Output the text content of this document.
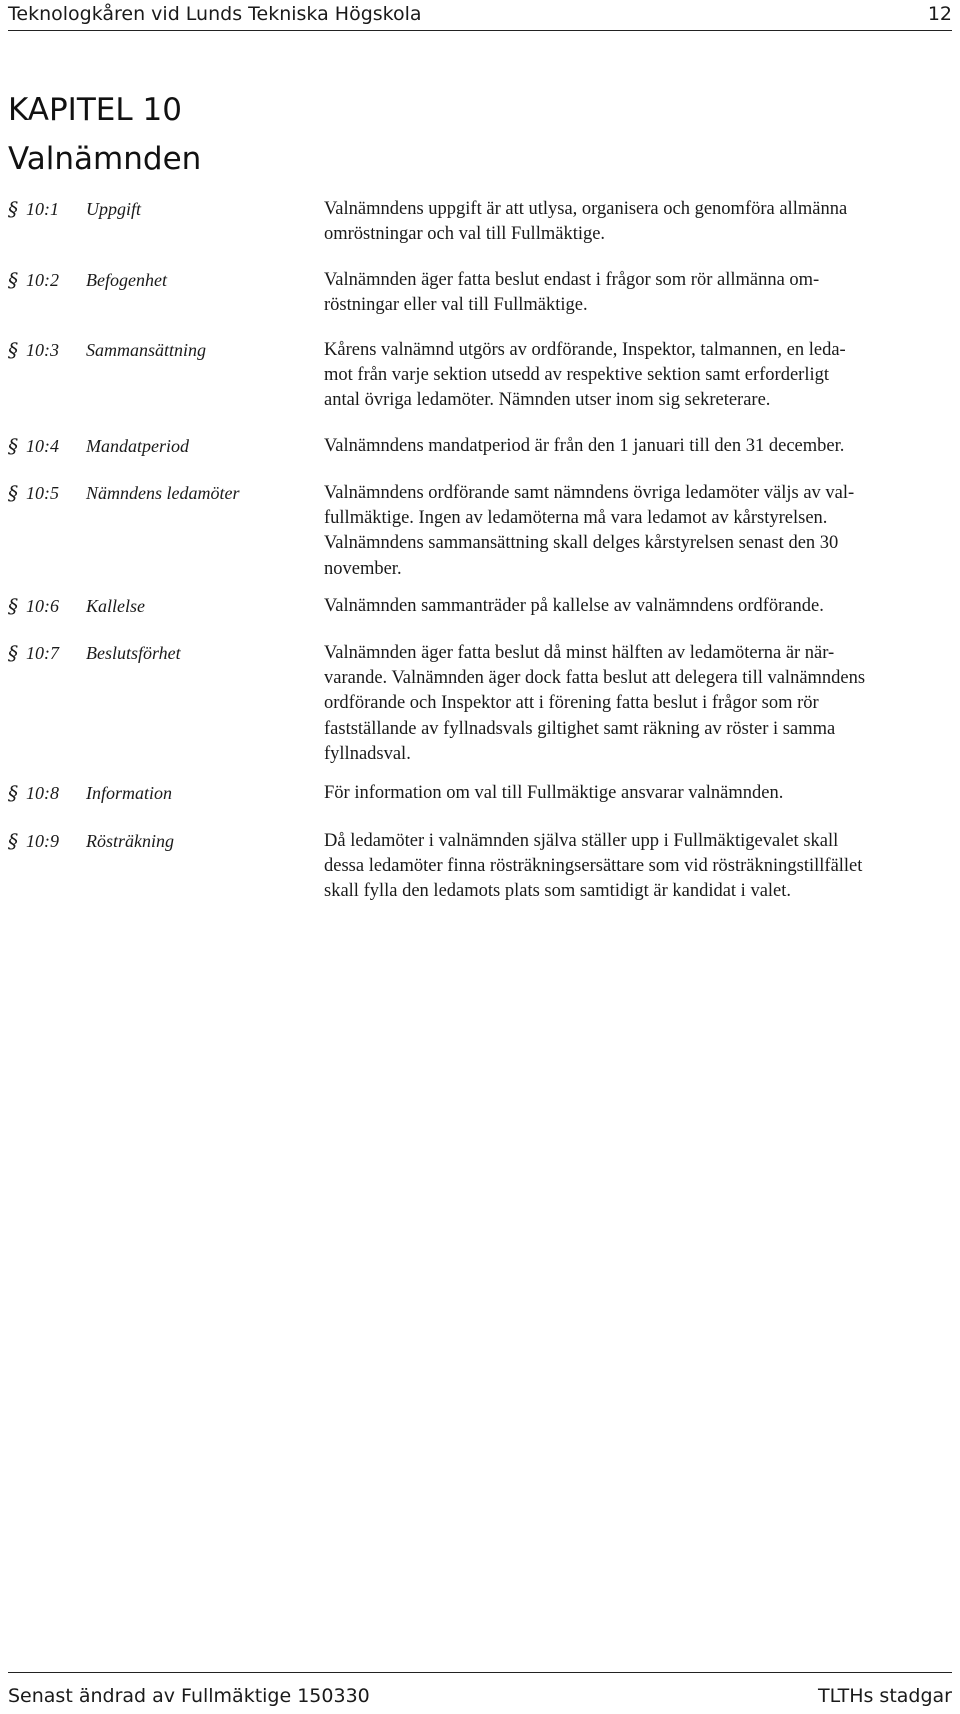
Teknologkåren vid Lunds Tekniska Högskola	12
KAPITEL 10
Valnämnden
§ 10:1 Uppgift	Valnämndens uppgift är att utlysa, organisera och genomföra allmänna
omröstningar och val till Fullmäktige.
§ 10:2 Befogenhet	Valnämnden äger fatta beslut endast i frågor som rör allmänna om-
röstningar eller val till Fullmäktige.
§ 10:3 Sammansättning	Kårens valnämnd utgörs av ordförande, Inspektor, talmannen, en leda-
mot från varje sektion utsedd av respektive sektion samt erforderligt
antal övriga ledamöter. Nämnden utser inom sig sekreterare.
§ 10:4 Mandatperiod	Valnämndens mandatperiod är från den 1 januari till den 31 december.
§ 10:5 Nämndens ledamöter	Valnämndens ordförande samt nämndens övriga ledamöter väljs av val-
fullmäktige. Ingen av ledamöterna må vara ledamot av kårstyrelsen.
Valnämndens sammansättning skall delges kårstyrelsen senast den 30
november.
§ 10:6 Kallelse	Valnämnden sammanträder på kallelse av valnämndens ordförande.
§ 10:7 Beslutsförhet	Valnämnden äger fatta beslut då minst hälften av ledamöterna är när-
varande. Valnämnden äger dock fatta beslut att delegera till valnämndens
ordförande och Inspektor att i förening fatta beslut i frågor som rör
fastställande av fyllnadsvals giltighet samt räkning av röster i samma
fyllnadsval.
§ 10:8 Information	För information om val till Fullmäktige ansvarar valnämnden.
§ 10:9 Rösträkning	Då ledamöter i valnämnden själva ställer upp i Fullmäktigevalet skall
dessa ledamöter finna rösträkningsersättare som vid rösträkningstillfället
skall fylla den ledamots plats som samtidigt är kandidat i valet.
Senast ändrad av Fullmäktige 150330	TLTHs stadgar
